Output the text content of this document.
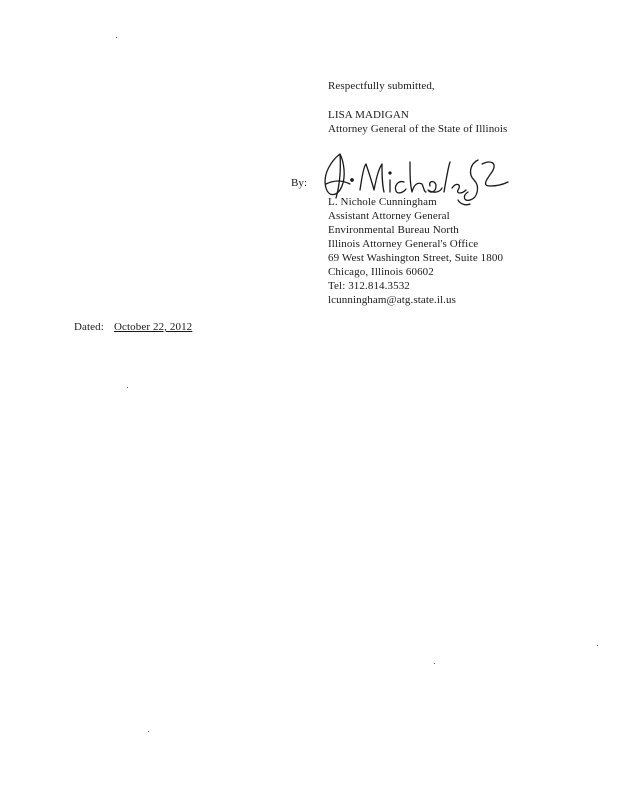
Respectfully submitted,
LISA MADIGAN
Attorney General of the State of Illinois
By:
L. Nichole Cunningham
Assistant Attorney General
Environmental Bureau North
Illinois Attorney General's Office
69 West Washington Street, Suite 1800
Chicago, Illinois 60602
Tel: 312.814.3532
lcunningham@atg.state.il.us
Dated: October 22, 2012
